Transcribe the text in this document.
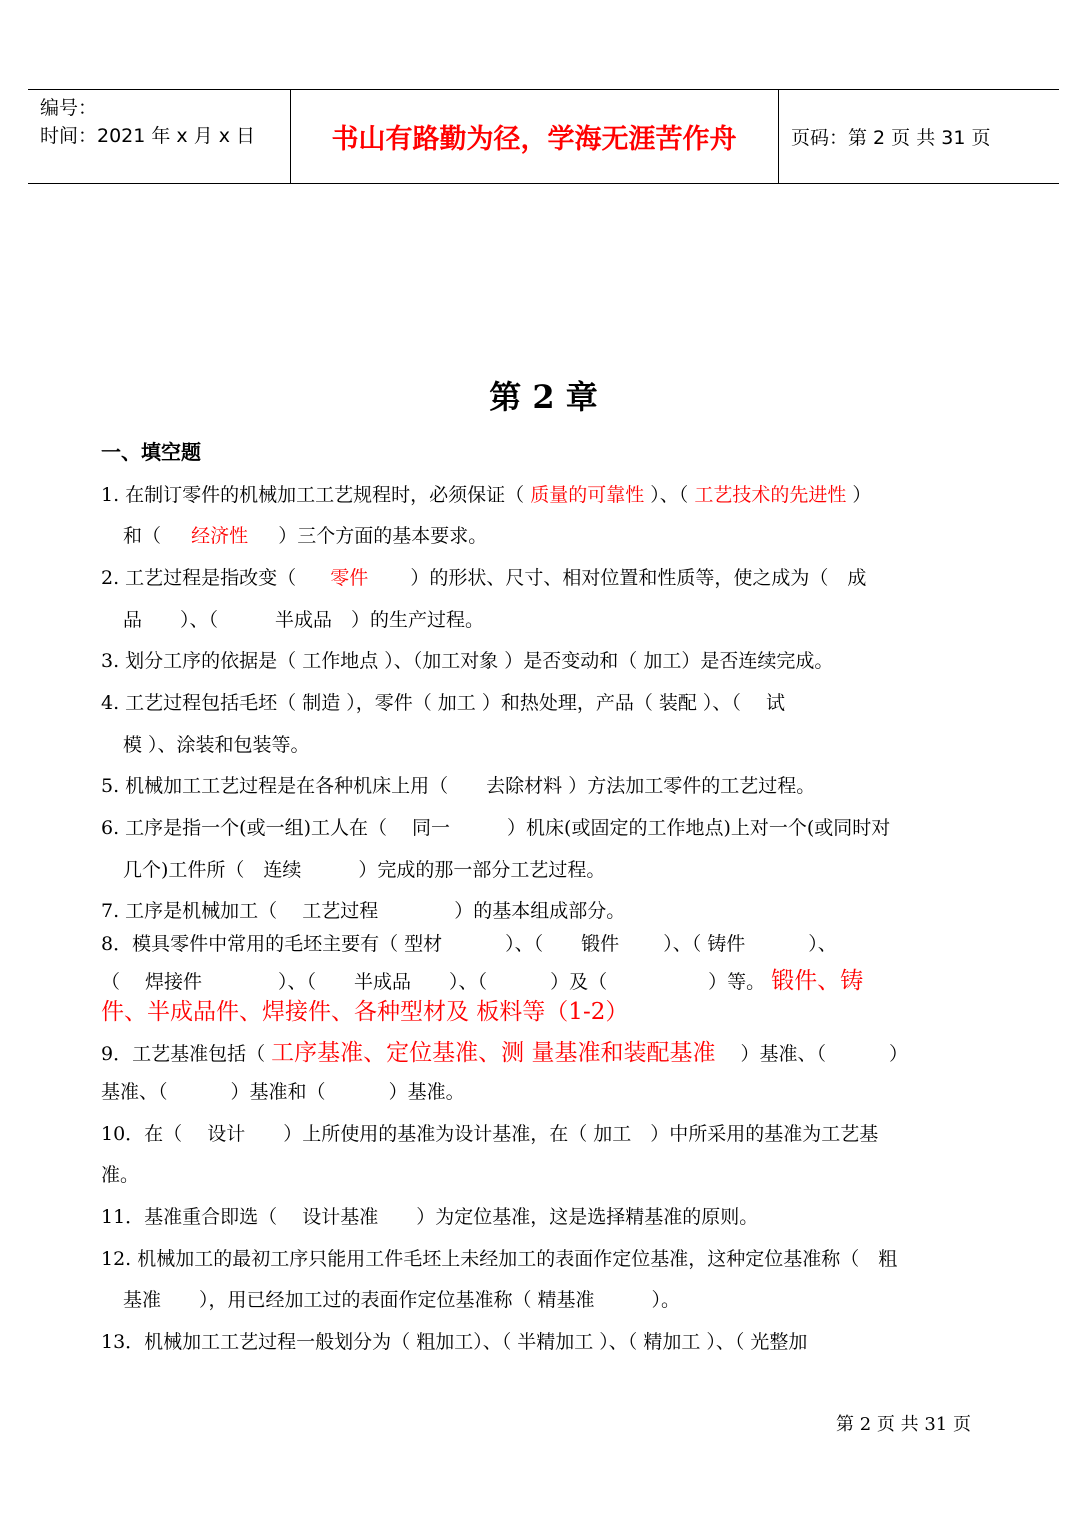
编号：
时间：2021 年 x 月 x 日	书山有路勤为径，学海无涯苦作舟	页码：第 2 页 共 31 页
第 2 章
一、填空题
1. 在制订零件的机械加工工艺规程时，必须保证（ 质量的可靠性 ）、（ 工艺技术的先进性 ）
和（ 经济性 ）三个方面的基本要求。
2. 工艺过程是指改变（ 零件 ）的形状、尺寸、相对位置和性质等，使之成为（　成
品　　）、（　　　半成品　）的生产过程。
3. 划分工序的依据是（ 工作地点 ）、（加工对象 ）是否变动和（ 加工）是否连续完成。
4. 工艺过程包括毛坯（ 制造 ），零件（ 加工 ）和热处理，产品（ 装配 ）、（　 试
模 ）、涂装和包装等。
5. 机械加工工艺过程是在各种机床上用（　　去除材料 ）方法加工零件的工艺过程。
6. 工序是指一个(或一组)工人在（　 同一　　　）机床(或固定的工作地点)上对一个(或同时对
几个)工件所（　连续　　　）完成的那一部分工艺过程。
7. 工序是机械加工（　 工艺过程　　　　）的基本组成部分。
8．模具零件中常用的毛坯主要有（ 型材　　　 ）、（　　锻件　　 ）、（ 铸件　　　 ）、
（　 焊接件　　　　）、（　　半成品　　）、（　　　 ）及（　　　　　 ）等。 锻件、铸
件、半成品件、焊接件、各种型材及 板料等（1-2）
9．工艺基准包括（ 工序基准、定位基准、测 量基准和装配基准 　）基准、（　　　 ）
基准、（　　　 ）基准和（　　　 ）基准。
10．在（　 设计　　）上所使用的基准为设计基准，在（ 加工　）中所采用的基准为工艺基
准。
11．基准重合即选（　 设计基准　　）为定位基准，这是选择精基准的原则。
12. 机械加工的最初工序只能用工件毛坯上未经加工的表面作定位基准，这种定位基准称（　粗
基准　　），用已经加工过的表面作定位基准称（ 精基准　　　）。
13．机械加工工艺过程一般划分为（ 粗加工）、（ 半精加工 ）、（ 精加工 ）、（ 光整加
第 2 页 共 31 页
